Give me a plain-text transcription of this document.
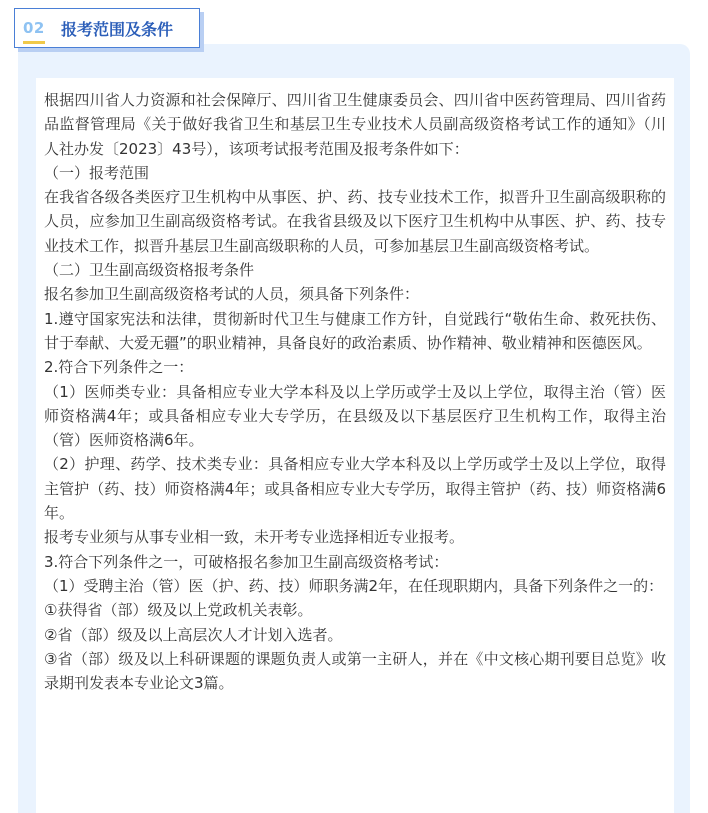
02	报考范围及条件

根据四川省人力资源和社会保障厅、四川省卫生健康委员会、四川省中医药管理局、四川省药品监督管理局《关于做好我省卫生和基层卫生专业技术人员副高级资格考试工作的通知》（川人社办发〔2023〕43号），该项考试报考范围及报考条件如下：

（一）报考范围

在我省各级各类医疗卫生机构中从事医、护、药、技专业技术工作，拟晋升卫生副高级职称的人员，应参加卫生副高级资格考试。在我省县级及以下医疗卫生机构中从事医、护、药、技专业技术工作，拟晋升基层卫生副高级职称的人员，可参加基层卫生副高级资格考试。

（二）卫生副高级资格报考条件

报名参加卫生副高级资格考试的人员，须具备下列条件：

1.遵守国家宪法和法律，贯彻新时代卫生与健康工作方针，自觉践行“敬佑生命、救死扶伤、甘于奉献、大爱无疆”的职业精神，具备良好的政治素质、协作精神、敬业精神和医德医风。

2.符合下列条件之一：

（1）医师类专业：具备相应专业大学本科及以上学历或学士及以上学位，取得主治（管）医师资格满4年；或具备相应专业大专学历，在县级及以下基层医疗卫生机构工作，取得主治（管）医师资格满6年。

（2）护理、药学、技术类专业：具备相应专业大学本科及以上学历或学士及以上学位，取得主管护（药、技）师资格满4年；或具备相应专业大专学历，取得主管护（药、技）师资格满6年。

报考专业须与从事专业相一致，未开考专业选择相近专业报考。

3.符合下列条件之一，可破格报名参加卫生副高级资格考试：

（1）受聘主治（管）医（护、药、技）师职务满2年，在任现职期内，具备下列条件之一的：

①获得省（部）级及以上党政机关表彰。

②省（部）级及以上高层次人才计划入选者。

③省（部）级及以上科研课题的课题负责人或第一主研人，并在《中文核心期刊要目总览》收录期刊发表本专业论文3篇。
